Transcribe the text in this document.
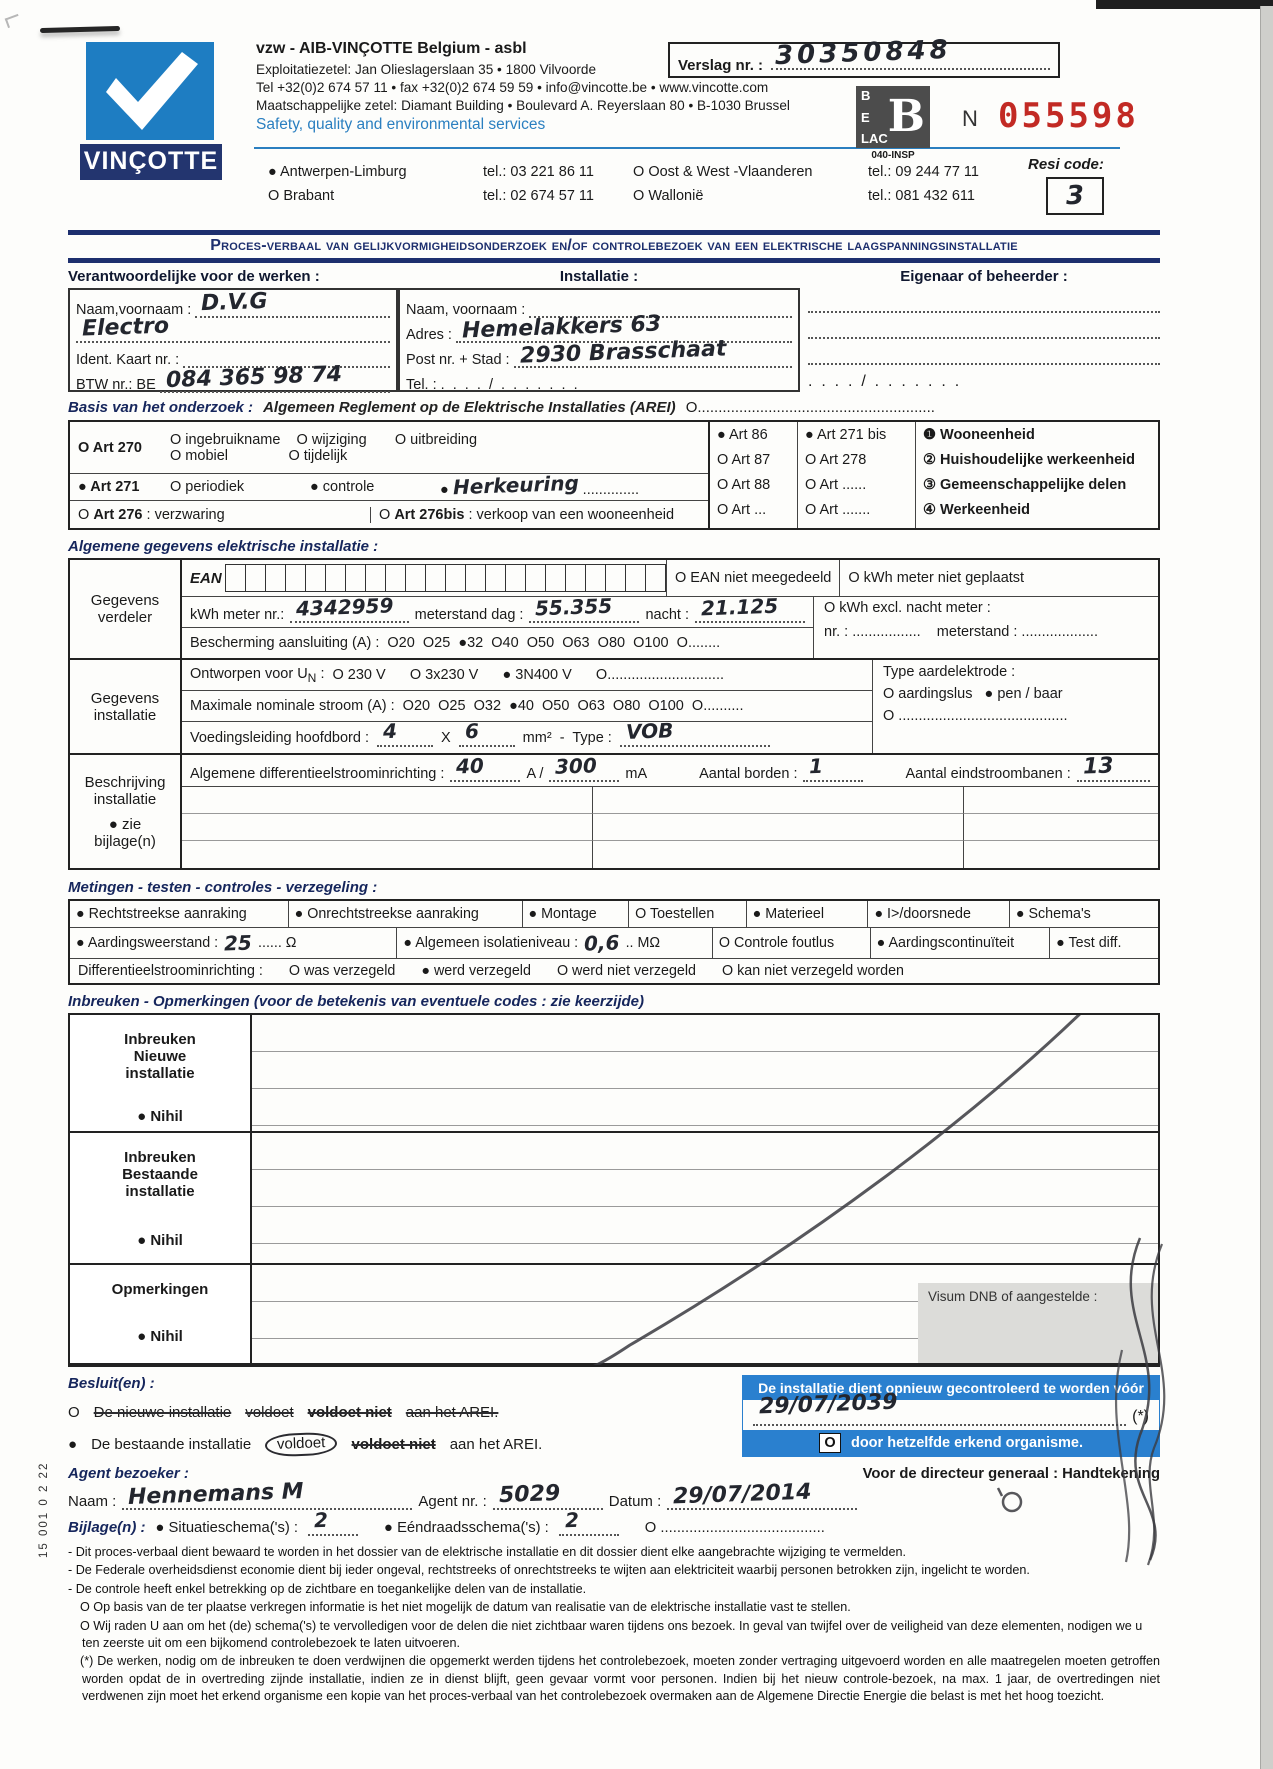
VINÇOTTE
vzw - AIB-VINÇOTTE Belgium - asbl
Exploitatiezetel: Jan Olieslagerslaan 35 • 1800 Vilvoorde
Tel +32(0)2 674 57 11 • fax +32(0)2 674 59 59 • info@vincotte.be • www.vincotte.com
Maatschappelijke zetel: Diamant Building • Boulevard A. Reyerslaan 80 • B-1030 Brussel
Safety, quality and environmental services
Verslag nr. : 30350848
B
E
LAC B
040-INSP
N 055598
● Antwerpen-Limburg	tel.: 03 221 86 11	O Oost & West -Vlaanderen	tel.: 09 244 77 11
O Brabant	tel.: 02 674 57 11	O Wallonië	tel.: 081 432 611
Resi code:
3
Proces-verbaal van gelijkvormigheidsonderzoek en/of controlebezoek van een elektrische laagspanningsinstallatie
Verantwoordelijke voor de werken :
Naam,voornaam : D.V.G
Electro
Ident. Kaart nr. :
BTW nr.: BE 084 365 98 74
Installatie :
Naam, voornaam :
Adres : Hemelakkers 63
Post nr. + Stad : 2930 Brasschaat
Tel. : .  .  .  .  /  .  .  .  .  .  .  .
Eigenaar of beheerder :
.  .  .  .  /  .  .  .  .  .  .  .
Basis van het onderzoek : Algemeen Reglement op de Elektrische Installaties (AREI) O.........................................................
O Art 270	O ingebruikname    O wijziging       O uitbreiding
O mobiel               O tijdelijk
● Art 271	O periodiek	● controle	● Herkeuring ..............
O Art 276 : verzwaring	O Art 276bis : verkoop van een wooneenheid
● Art 86
O Art 87
O Art 88
O Art ...
● Art 271 bis
O Art 278
O Art ......
O Art .......
❶ Wooneenheid
② Huishoudelijke werkeenheid
③ Gemeenschappelijke delen
④ Werkeenheid
Algemene gegevens elektrische installatie :
Gegevens
verdeler
EAN	O EAN niet meegedeeld	O kWh meter niet geplaatst
kWh meter nr.: 4342959 meterstand dag : 55.355 nacht : 21.125
Bescherming aansluiting (A) : O20  O25  ●32  O40  O50  O63  O80  O100  O........
O kWh excl. nacht meter :
nr. : .................    meterstand : ...................
Gegevens
installatie
Ontworpen voor $U_N$ : O 230 V      O 3x230 V      ● 3N400 V      O.............................
Maximale nominale stroom (A) : O20  O25  O32  ●40  O50  O63  O80  O100  O..........
Voedingsleiding hoofdbord : 4	X 6	mm²  -  Type : VOB
Type aardelektrode :
O aardingslus   ● pen / baar
O ..........................................
Beschrijving
installatie
● zie
bijlage(n)
Algemene differentieelstroominrichting : 40	A / 300 mA	Aantal borden : 1	Aantal eindstroombanen : 13
Metingen - testen - controles - verzegeling :
● Rechtstreekse aanraking	● Onrechtstreekse aanraking	● Montage	O Toestellen	● Materieel	● I>/doorsnede	● Schema's
● Aardingsweerstand : 25 ...... Ω	● Algemeen isolatieniveau : 0,6 .. MΩ	O Controle foutlus	● Aardingscontinuïteit	● Test diff.
Differentieelstroominrichting : O was verzegeld ● werd verzegeld O werd niet verzegeld O kan niet verzegeld worden
Inbreuken - Opmerkingen (voor de betekenis van eventuele codes : zie keerzijde)
Inbreuken
Nieuwe
installatie
● Nihil
Inbreuken
Bestaande
installatie
● Nihil
Opmerkingen
● Nihil
Visum DNB of aangestelde :
Besluit(en) :
O De nieuwe installatie voldoet voldoet niet aan het AREI.
● De bestaande installatie	voldoet	voldoet niet aan het AREI.
De installatie dient opnieuw gecontroleerd te worden vóór
29/07/2039	(*)
O	door hetzelfde erkend organisme.
Agent bezoeker :	Voor de directeur generaal : Handtekening
Naam : Hennemans M	Agent nr. : 5029	Datum : 29/07/2014
Bijlage(n) : ● Situatieschema('s) : 2	● Eéndraadsschema('s) : 2	O ........................................
- Dit proces-verbaal dient bewaard te worden in het dossier van de elektrische installatie en dit dossier dient elke aangebrachte wijziging te vermelden.
- De Federale overheidsdienst economie dient bij ieder ongeval, rechtstreeks of onrechtstreeks te wijten aan elektriciteit waarbij personen betrokken zijn, ingelicht te worden.
- De controle heeft enkel betrekking op de zichtbare en toegankelijke delen van de installatie.
O Op basis van de ter plaatse verkregen informatie is het niet mogelijk de datum van realisatie van de elektrische installatie vast te stellen.
O Wij raden U aan om het (de) schema('s) te vervolledigen voor de delen die niet zichtbaar waren tijdens ons bezoek. In geval van twijfel over de veiligheid van deze elementen, nodigen we u ten zeerste uit om een bijkomend controlebezoek te laten uitvoeren.
(*) De werken, nodig om de inbreuken te doen verdwijnen die opgemerkt werden tijdens het controlebezoek, moeten zonder vertraging uitgevoerd worden en alle maatregelen moeten getroffen worden opdat de in overtreding zijnde installatie, indien ze in dienst blijft, geen gevaar vormt voor personen. Indien bij het nieuw controle-bezoek, na max. 1 jaar, de overtredingen niet verdwenen zijn moet het erkend organisme een kopie van het proces-verbaal van het controlebezoek overmaken aan de Algemene Directie Energie die belast is met het hoog toezicht.
15 001 0 2 22
